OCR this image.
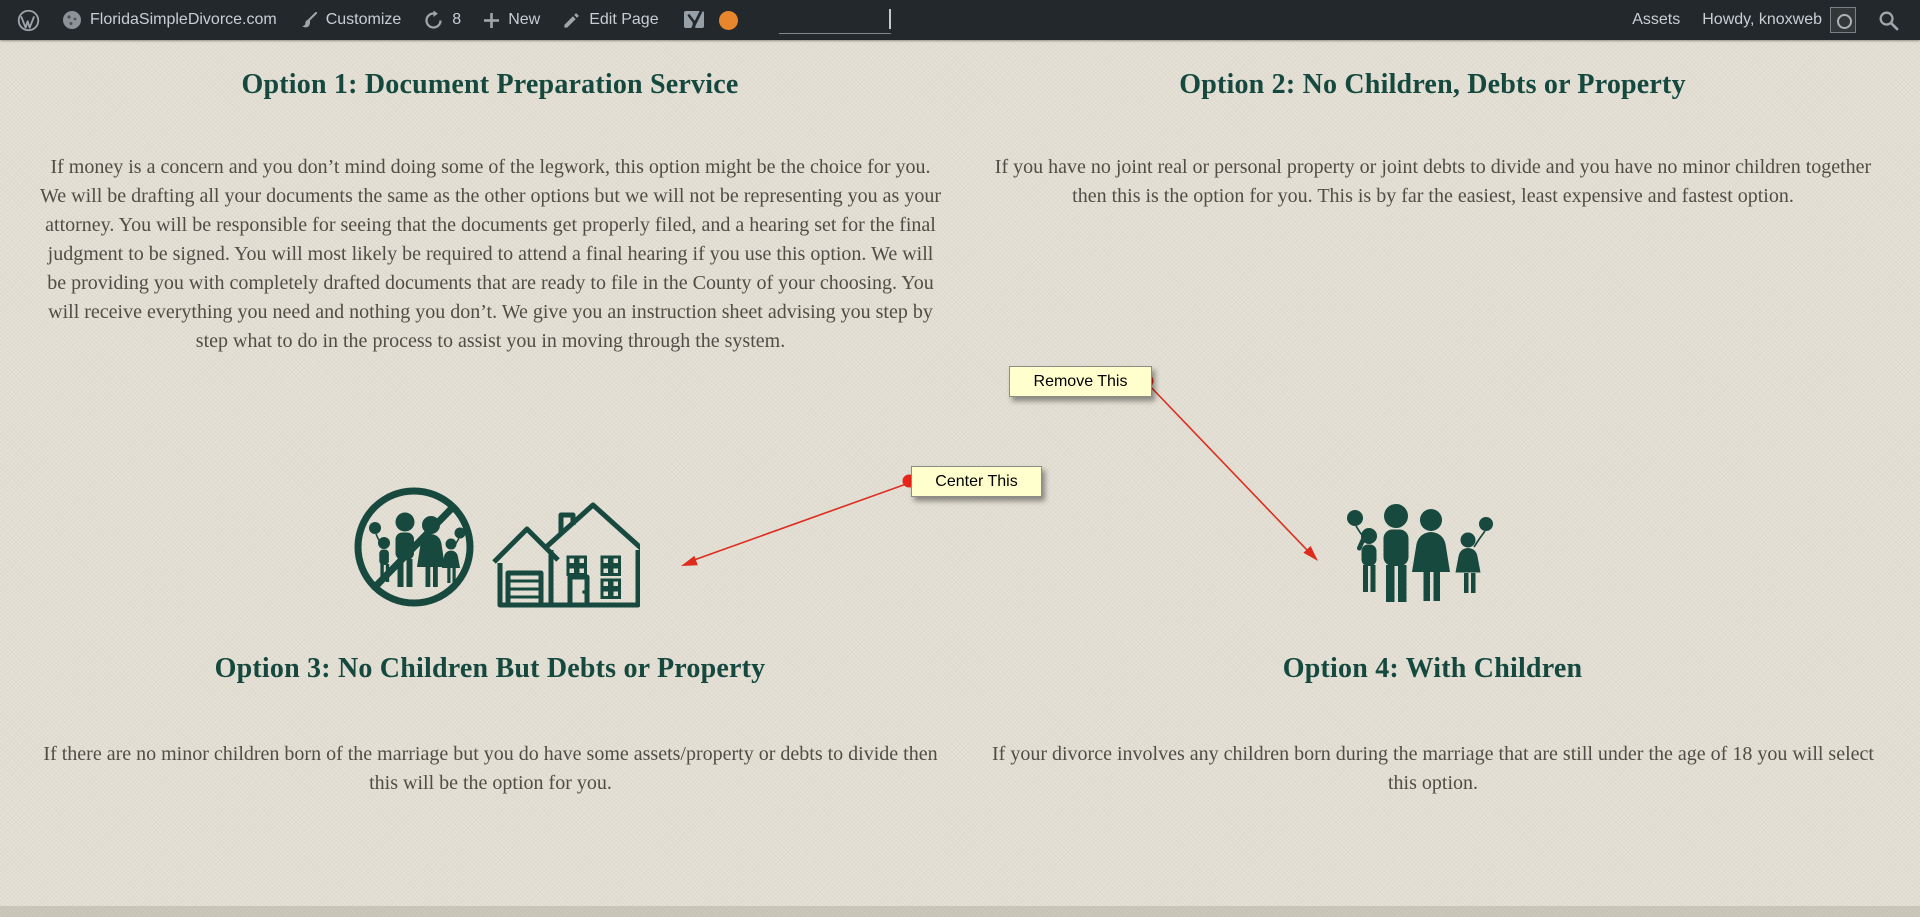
FloridaSimpleDivorce.com	Customize	8	New	Edit Page	Assets Howdy, knoxweb
Option 1: Document Preparation Service	Option 2: No Children, Debts or Property

If money is a concern and you don’t mind doing some of the legwork, this option might be the choice for you. We will be drafting all your documents the same as the other options but we will not be representing you as your attorney. You will be responsible for seeing that the documents get properly filed, and a hearing set for the final judgment to be signed. You will most likely be required to attend a final hearing if you use this option. We will be providing you with completely drafted documents that are ready to file in the County of your choosing. You will receive everything you need and nothing you don’t. We give you an instruction sheet advising you step by step what to do in the process to assist you in moving through the system.

If you have no joint real or personal property or joint debts to divide and you have no minor children together then this is the option for you. This is by far the easiest, least expensive and fastest option.

Option 3: No Children But Debts or Property	Option 4: With Children

If there are no minor children born of the marriage but you do have some assets/property or debts to divide then this will be the option for you.

If your divorce involves any children born during the marriage that are still under the age of 18 you will select this option.

Remove This
Center This
